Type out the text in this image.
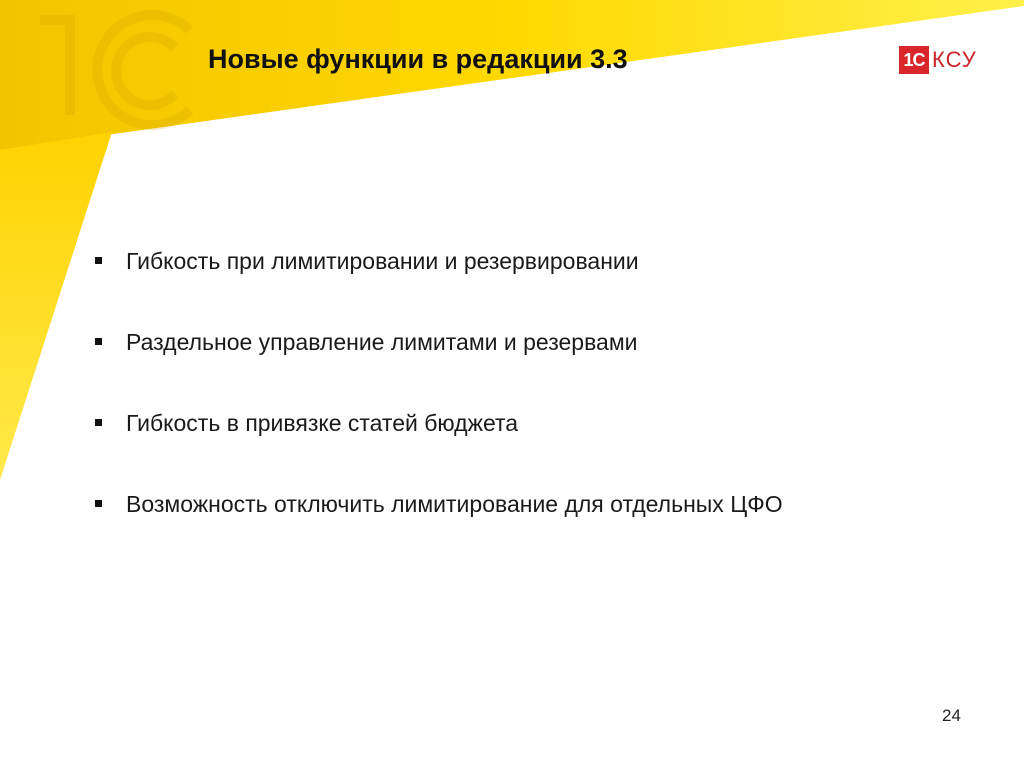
Новые функции в редакции 3.3	1С КСУ
Гибкость при лимитировании и резервировании
Раздельное управление лимитами и резервами
Гибкость в привязке статей бюджета
Возможность отключить лимитирование для отдельных ЦФО
24
